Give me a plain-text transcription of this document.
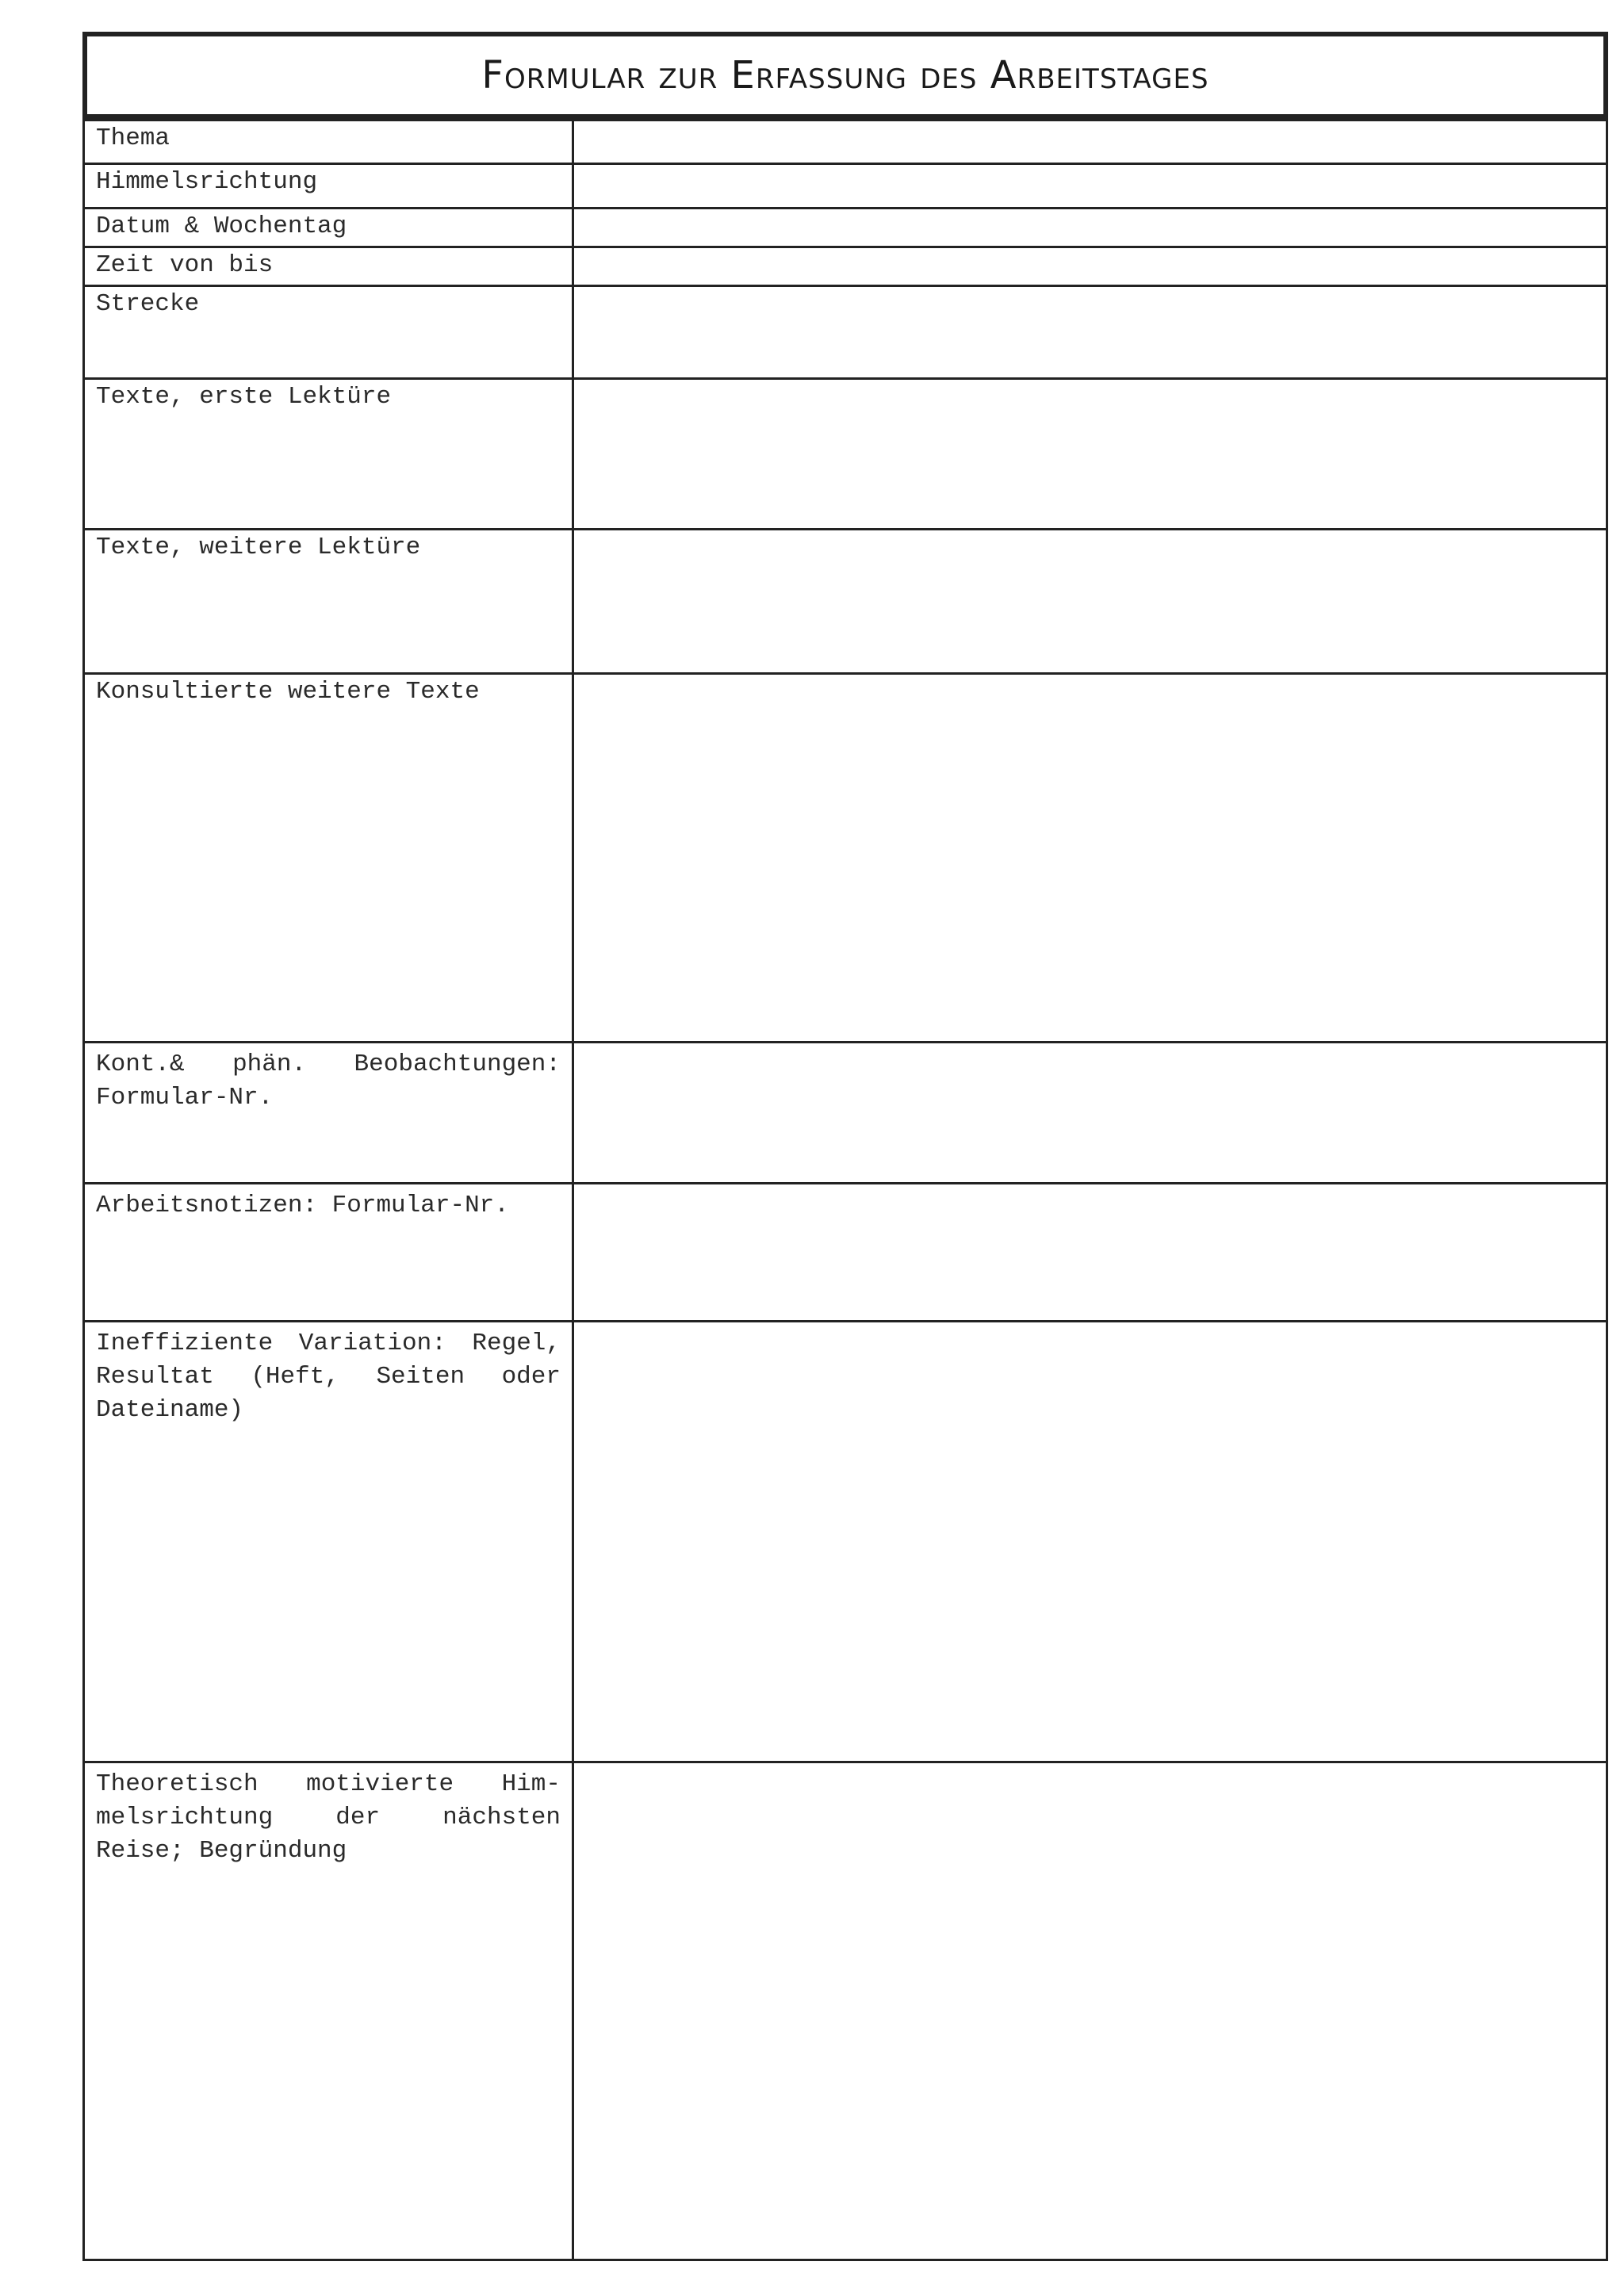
Formular zur Erfassung des Arbeitstages
Thema
Himmelsrichtung
Datum & Wochentag
Zeit von bis
Strecke
Texte, erste Lektüre
Texte, weitere Lektüre
Konsultierte weitere Texte
Kont.& phän. Beobachtungen: Formular-Nr.
Arbeitsnotizen: Formular-Nr.
Ineffiziente Variation: Regel, Resultat (Heft, Seiten oder Dateiname)
Theoretisch motivierte Him-melsrichtung der nächsten Reise; Begründung
